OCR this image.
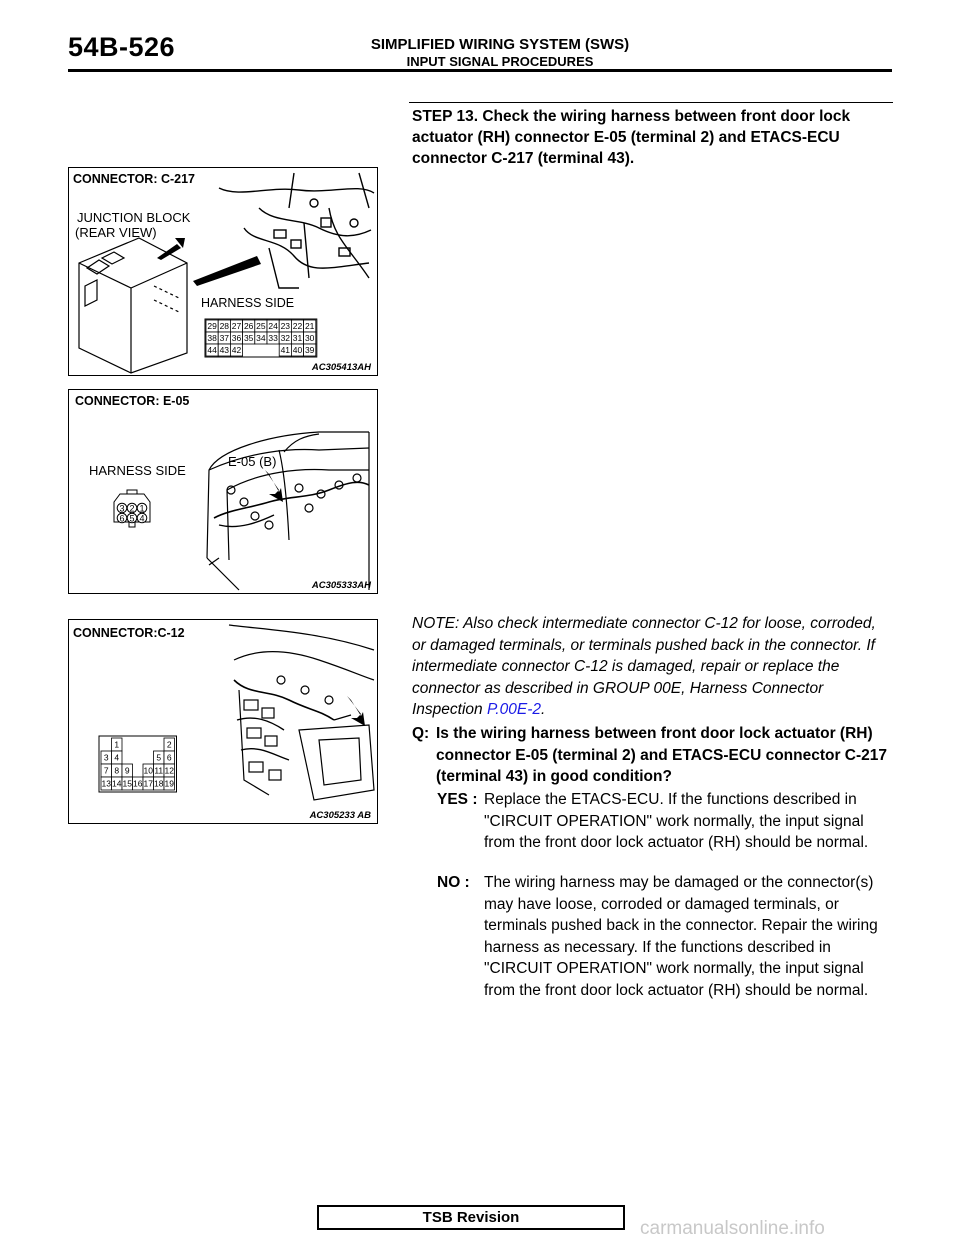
54B-526	SIMPLIFIED WIRING SYSTEM (SWS)
INPUT SIGNAL PROCEDURES
STEP 13. Check the wiring harness between front door lock actuator (RH) connector E-05 (terminal 2) and ETACS-ECU connector C-217 (terminal 43).
HARNESS SIDE
29 28 27 26 25 24 23 22 21
38 37 36 35 34 33 32 31 30
44 43 42	41 40 39
CONNECTOR: C-217
JUNCTION BLOCK
(REAR VIEW)
AC305413AH
3 2 1
6 5 4
CONNECTOR: E-05
HARNESS SIDE
E-05 (B)
AC305333AH
1	2
3 4	5 6
7 8 9 10 11 12
13 14 15 16 17 18 19
CONNECTOR:C-12
AC305233 AB
NOTE: Also check intermediate connector C-12 for loose, corroded, or damaged terminals, or terminals pushed back in the connector. If intermediate connector C-12 is damaged, repair or replace the connector as described in GROUP 00E, Harness Connector Inspection P.00E-2.
Q: Is the wiring harness between front door lock actuator (RH) connector E-05 (terminal 2) and ETACS-ECU connector C-217 (terminal 43) in good condition?
YES : Replace the ETACS-ECU. If the functions described in "CIRCUIT OPERATION" work normally, the input signal from the front door lock actuator (RH) should be normal.
NO : The wiring harness may be damaged or the connector(s) may have loose, corroded or damaged terminals, or terminals pushed back in the connector. Repair the wiring harness as necessary. If the functions described in "CIRCUIT OPERATION" work normally, the input signal from the front door lock actuator (RH) should be normal.
TSB Revision
carmanualsonline.info
